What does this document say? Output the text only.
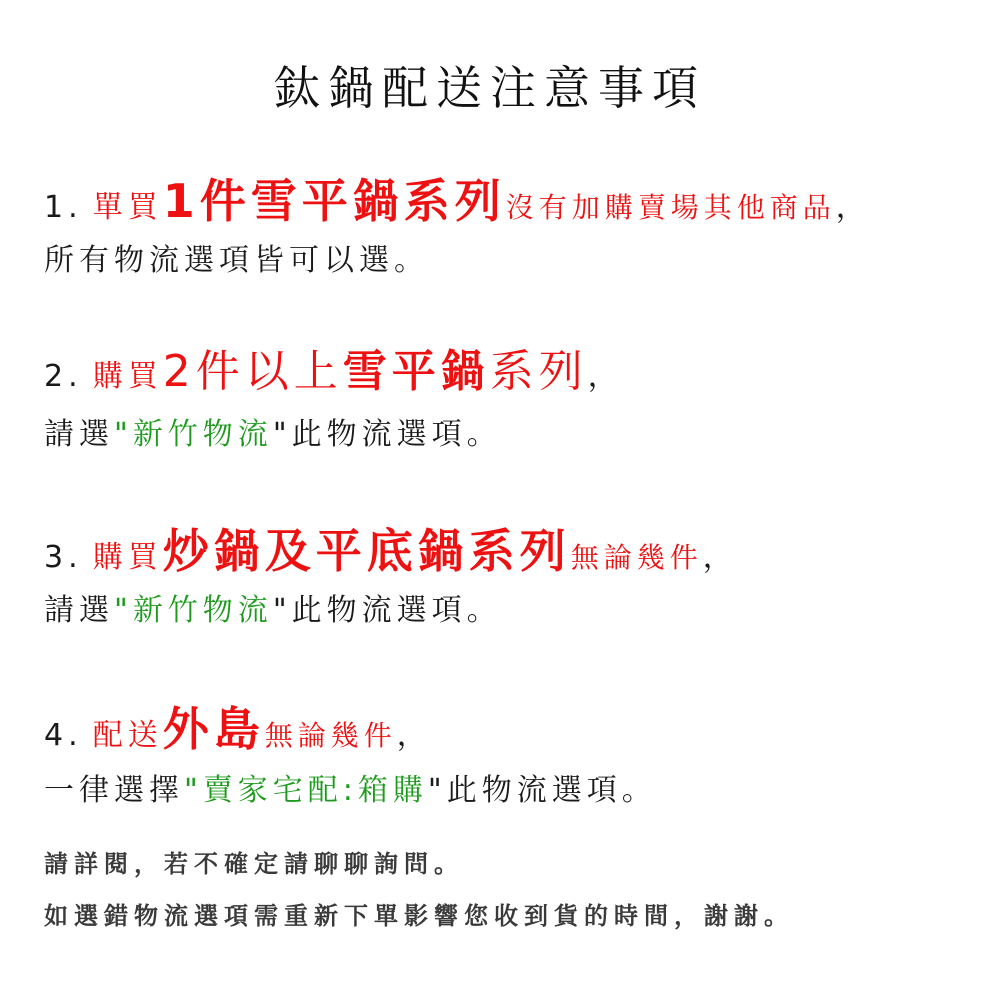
鈦鍋配送注意事項
1. 單買1件雪平鍋系列沒有加購賣場其他商品，
所有物流選項皆可以選。
2. 購買2件以上雪平鍋系列，
請選"新竹物流"此物流選項。
3. 購買炒鍋及平底鍋系列無論幾件，
請選"新竹物流"此物流選項。
4. 配送外島無論幾件，
一律選擇"賣家宅配:箱購"此物流選項。
請詳閱，若不確定請聊聊詢問。
如選錯物流選項需重新下單影響您收到貨的時間，謝謝。
